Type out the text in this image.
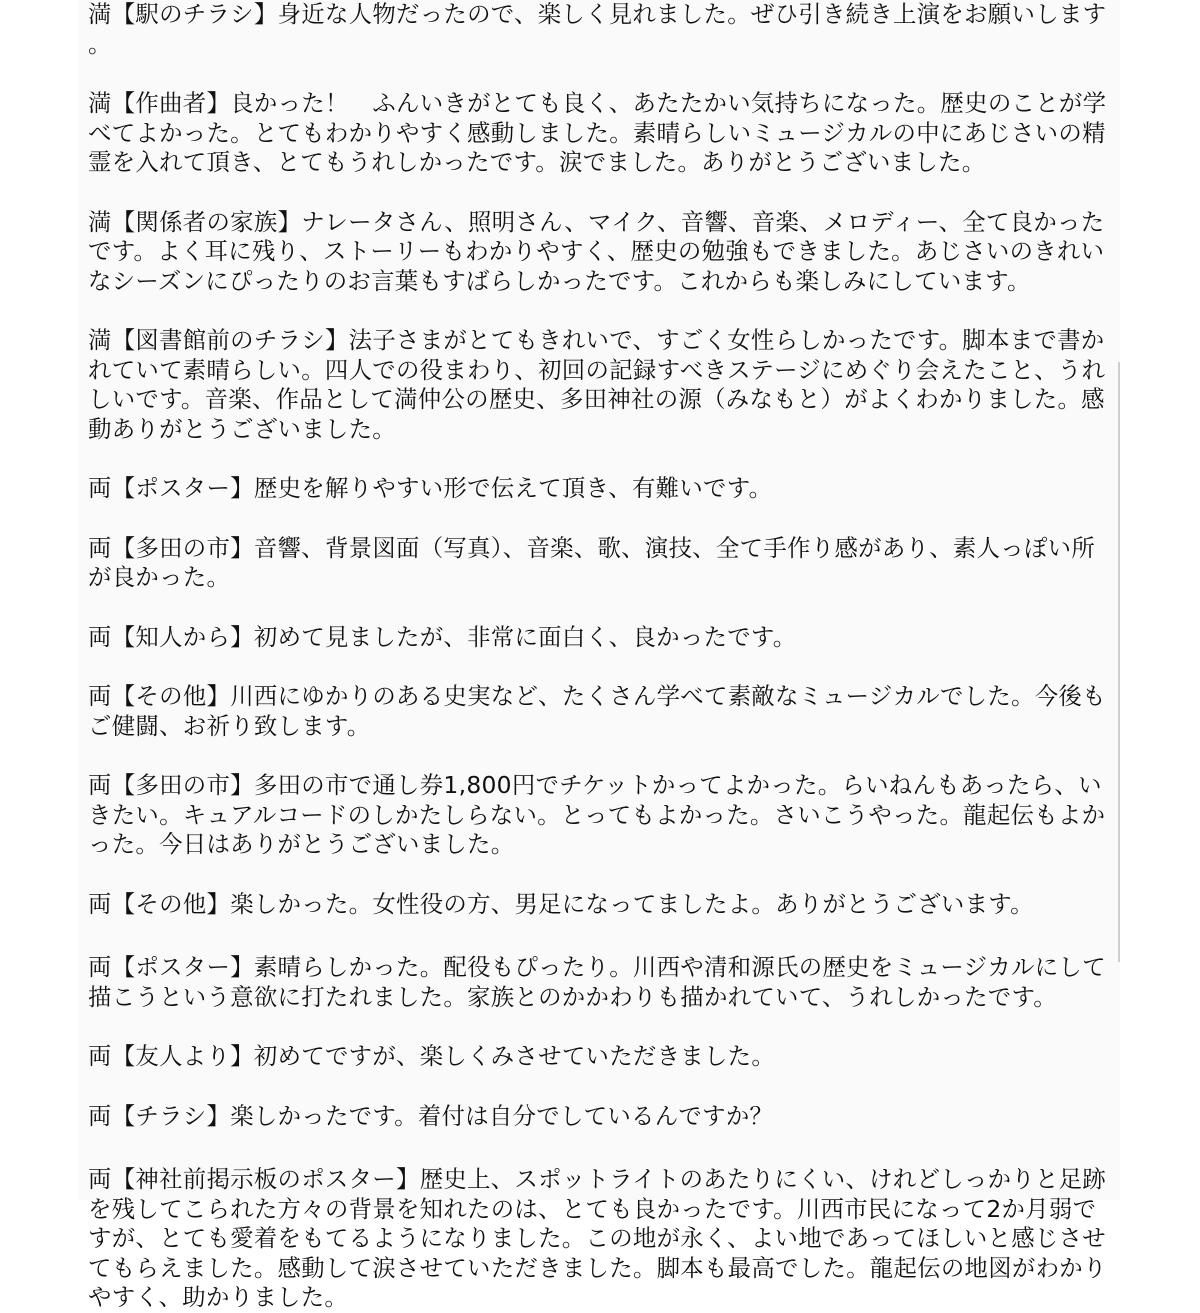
満【駅のチラシ】身近な人物だったので、楽しく見れました。ぜひ引き続き上演をお願いします。
満【作曲者】良かった！　ふんいきがとても良く、あたたかい気持ちになった。歴史のことが学べてよかった。とてもわかりやすく感動しました。素晴らしいミュージカルの中にあじさいの精霊を入れて頂き、とてもうれしかったです。涙でました。ありがとうございました。
満【関係者の家族】ナレータさん、照明さん、マイク、音響、音楽、メロディー、全て良かったです。よく耳に残り、ストーリーもわかりやすく、歴史の勉強もできました。あじさいのきれいなシーズンにぴったりのお言葉もすばらしかったです。これからも楽しみにしています。
満【図書館前のチラシ】法子さまがとてもきれいで、すごく女性らしかったです。脚本まで書かれていて素晴らしい。四人での役まわり、初回の記録すべきステージにめぐり会えたこと、うれしいです。音楽、作品として満仲公の歴史、多田神社の源（みなもと）がよくわかりました。感動ありがとうございました。
両【ポスター】歴史を解りやすい形で伝えて頂き、有難いです。
両【多田の市】音響、背景図面（写真）、音楽、歌、演技、全て手作り感があり、素人っぽい所が良かった。
両【知人から】初めて見ましたが、非常に面白く、良かったです。
両【その他】川西にゆかりのある史実など、たくさん学べて素敵なミュージカルでした。今後もご健闘、お祈り致します。
両【多田の市】多田の市で通し券1,800円でチケットかってよかった。らいねんもあったら、いきたい。キュアルコードのしかたしらない。とってもよかった。さいこうやった。龍起伝もよかった。今日はありがとうございました。
両【その他】楽しかった。女性役の方、男足になってましたよ。ありがとうございます。
両【ポスター】素晴らしかった。配役もぴったり。川西や清和源氏の歴史をミュージカルにして描こうという意欲に打たれました。家族とのかかわりも描かれていて、うれしかったです。
両【友人より】初めてですが、楽しくみさせていただきました。
両【チラシ】楽しかったです。着付は自分でしているんですか？
両【神社前掲示板のポスター】歴史上、スポットライトのあたりにくい、けれどしっかりと足跡を残してこられた方々の背景を知れたのは、とても良かったです。川西市民になって2か月弱ですが、とても愛着をもてるようになりました。この地が永く、よい地であってほしいと感じさせてもらえました。感動して涙させていただきました。脚本も最高でした。龍起伝の地図がわかりやすく、助かりました。
